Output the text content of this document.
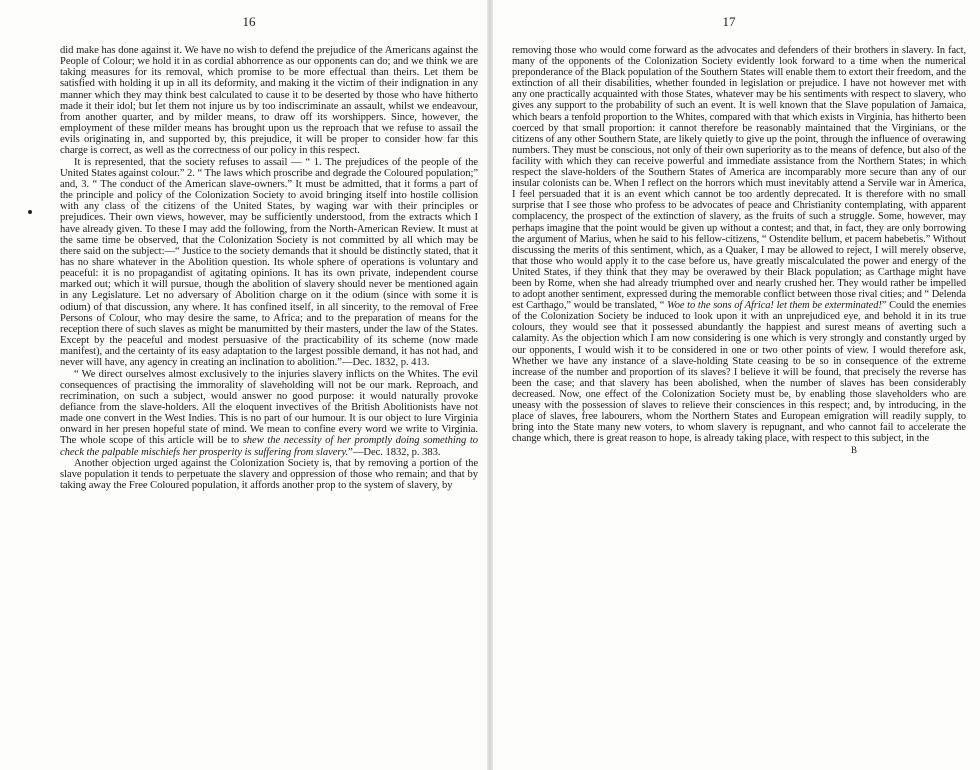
16

did make has done against it. We have no wish to defend the prejudice of the Americans against the People of Colour; we hold it in as cordial abhorrence as our opponents can do; and we think we are taking measures for its removal, which promise to be more effectual than theirs. Let them be satisfied with holding it up in all its deformity, and making it the victim of their indignation in any manner which they may think best calculated to cause it to be deserted by those who have hitherto made it their idol; but let them not injure us by too indiscriminate an assault, whilst we endeavour, from another quarter, and by milder means, to draw off its worshippers. Since, however, the employment of these milder means has brought upon us the reproach that we refuse to assail the evils originating in, and supported by, this prejudice, it will be proper to consider how far this charge is correct, as well as the correctness of our policy in this respect.

It is represented, that the society refuses to assail — “ 1. The prejudices of the people of the United States against colour.” 2. “ The laws which proscribe and degrade the Coloured population;” and, 3. “ The conduct of the American slave-owners.” It must be admitted, that it forms a part of the principle and policy of the Colonization Society to avoid bringing itself into hostile collision with any class of the citizens of the United States, by waging war with their principles or prejudices. Their own views, however, may be sufficiently understood, from the extracts which I have already given. To these I may add the following, from the North-American Review. It must at the same time be observed, that the Colonization Society is not committed by all which may be there said on the subject:—“ Justice to the society demands that it should be distinctly stated, that it has no share whatever in the Abolition question. Its whole sphere of operations is voluntary and peaceful: it is no propagandist of agitating opinions. It has its own private, independent course marked out; which it will pursue, though the abolition of slavery should never be mentioned again in any Legislature. Let no adversary of Abolition charge on it the odium (since with some it is odium) of that discussion, any where. It has confined itself, in all sincerity, to the removal of Free Persons of Colour, who may desire the same, to Africa; and to the preparation of means for the reception there of such slaves as might be manumitted by their masters, under the law of the States. Except by the peaceful and modest persuasive of the practicability of its scheme (now made manifest), and the certainty of its easy adaptation to the largest possible demand, it has not had, and never will have, any agency in creating an inclination to abolition.”—Dec. 1832, p. 413.

“ We direct ourselves almost exclusively to the injuries slavery inflicts on the Whites. The evil consequences of practising the immorality of slaveholding will not be our mark. Reproach, and recrimination, on such a subject, would answer no good purpose: it would naturally provoke defiance from the slave-holders. All the eloquent invectives of the British Abolitionists have not made one convert in the West Indies. This is no part of our humour. It is our object to lure Virginia onward in her presen hopeful state of mind. We mean to confine every word we write to Virginia. The whole scope of this article will be to shew the necessity of her promptly doing something to check the palpable mischiefs her prosperity is suffering from slavery.”—Dec. 1832, p. 383.

Another objection urged against the Colonization Society is, that by removing a portion of the slave population it tends to perpetuate the slavery and oppression of those who remain; and that by taking away the Free Coloured population, it affords another prop to the system of slavery, by

17

removing those who would come forward as the advocates and defenders of their brothers in slavery. In fact, many of the opponents of the Colonization Society evidently look forward to a time when the numerical preponderance of the Black population of the Southern States will enable them to extort their freedom, and the extinction of all their disabilities, whether founded in legislation or prejudice. I have not however met with any one practically acquainted with those States, whatever may be his sentiments with respect to slavery, who gives any support to the probability of such an event. It is well known that the Slave population of Jamaica, which bears a tenfold proportion to the Whites, compared with that which exists in Virginia, has hitherto been coerced by that small proportion: it cannot therefore be reasonably maintained that the Virginians, or the citizens of any other Southern State, are likely quietly to give up the point, through the influence of overawing numbers. They must be conscious, not only of their own superiority as to the means of defence, but also of the facility with which they can receive powerful and immediate assistance from the Northern States; in which respect the slave-holders of the Southern States of America are incomparably more secure than any of our insular colonists can be. When I reflect on the horrors which must inevitably attend a Servile war in America, I feel persuaded that it is an event which cannot be too ardently deprecated. It is therefore with no small surprise that I see those who profess to be advocates of peace and Christianity contemplating, with apparent complacency, the prospect of the extinction of slavery, as the fruits of such a struggle. Some, however, may perhaps imagine that the point would be given up without a contest; and that, in fact, they are only borrowing the argument of Marius, when he said to his fellow-citizens, “ Ostendite bellum, et pacem habebetis.” Without discussing the merits of this sentiment, which, as a Quaker, I may be allowed to reject, I will merely observe, that those who would apply it to the case before us, have greatly miscalculated the power and energy of the United States, if they think that they may be overawed by their Black population; as Carthage might have been by Rome, when she had already triumphed over and nearly crushed her. They would rather be impelled to adopt another sentiment, expressed during the memorable conflict between those rival cities; and “ Delenda est Carthago,” would be translated, “ Woe to the sons of Africa! let them be exterminated!” Could the enemies of the Colonization Society be induced to look upon it with an unprejudiced eye, and behold it in its true colours, they would see that it possessed abundantly the happiest and surest means of averting such a calamity. As the objection which I am now considering is one which is very strongly and constantly urged by our opponents, I would wish it to be considered in one or two other points of view. I would therefore ask, Whether we have any instance of a slave-holding State ceasing to be so in consequence of the extreme increase of the number and proportion of its slaves? I believe it will be found, that precisely the reverse has been the case; and that slavery has been abolished, when the number of slaves has been considerably decreased. Now, one effect of the Colonization Society must be, by enabling those slaveholders who are uneasy with the possession of slaves to relieve their consciences in this respect; and, by introducing, in the place of slaves, free labourers, whom the Northern States and European emigration will readily supply, to bring into the State many new voters, to whom slavery is repugnant, and who cannot fail to accelerate the change which, there is great reason to hope, is already taking place, with respect to this subject, in the

B
